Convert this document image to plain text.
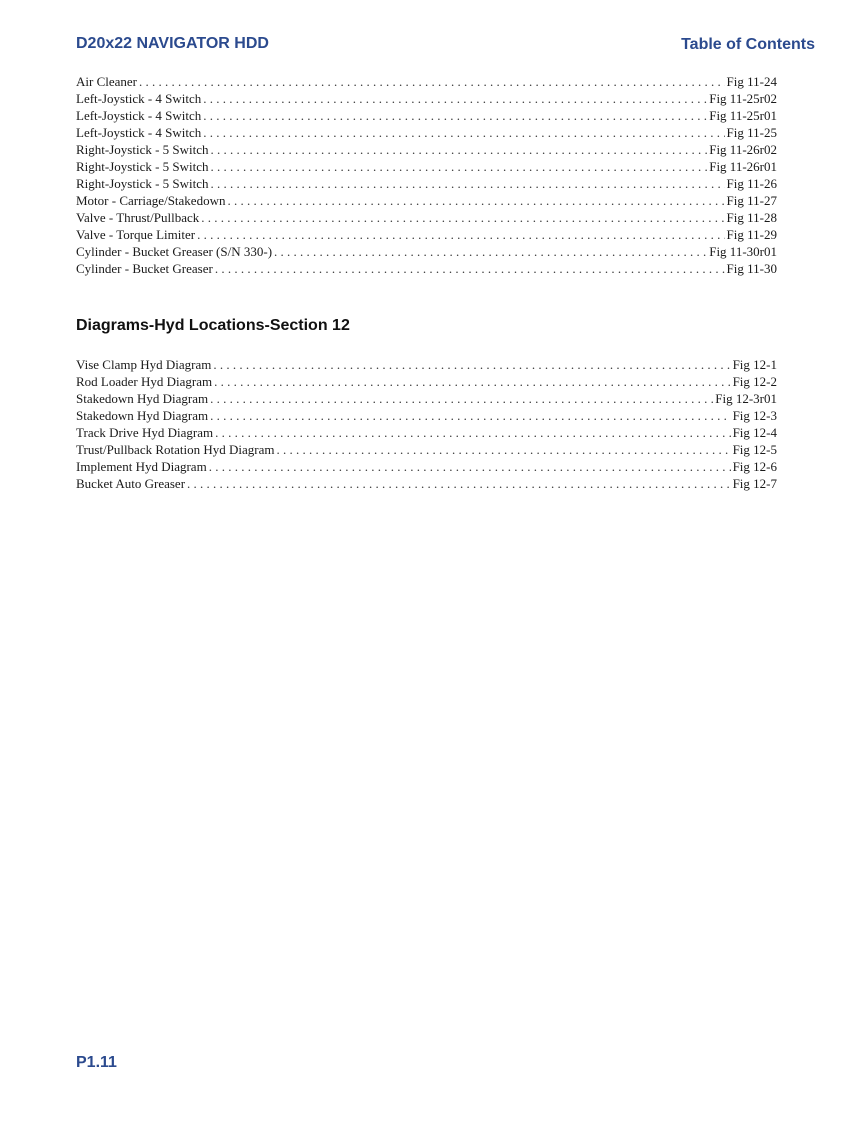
D20x22 NAVIGATOR HDD	Table of Contents
Air Cleaner . . .	Fig 11-24
Left-Joystick - 4 Switch . . .	Fig 11-25r02
Left-Joystick - 4 Switch . . .	Fig 11-25r01
Left-Joystick - 4 Switch . . .	Fig 11-25
Right-Joystick - 5 Switch . . .	Fig 11-26r02
Right-Joystick - 5 Switch . . .	Fig 11-26r01
Right-Joystick - 5 Switch . . .	Fig 11-26
Motor - Carriage/Stakedown . . .	Fig 11-27
Valve - Thrust/Pullback . . .	Fig 11-28
Valve - Torque Limiter . . .	Fig 11-29
Cylinder - Bucket Greaser (S/N 330-) . . .	Fig 11-30r01
Cylinder - Bucket Greaser . . .	Fig 11-30
Diagrams-Hyd Locations-Section 12
Vise Clamp Hyd Diagram . . .	Fig 12-1
Rod Loader Hyd Diagram . . .	Fig 12-2
Stakedown Hyd Diagram . . .	Fig 12-3r01
Stakedown Hyd Diagram . . .	Fig 12-3
Track Drive Hyd Diagram . . .	Fig 12-4
Trust/Pullback Rotation Hyd Diagram . . .	Fig 12-5
Implement Hyd Diagram . . .	Fig 12-6
Bucket Auto Greaser . . .	Fig 12-7
P1.11
